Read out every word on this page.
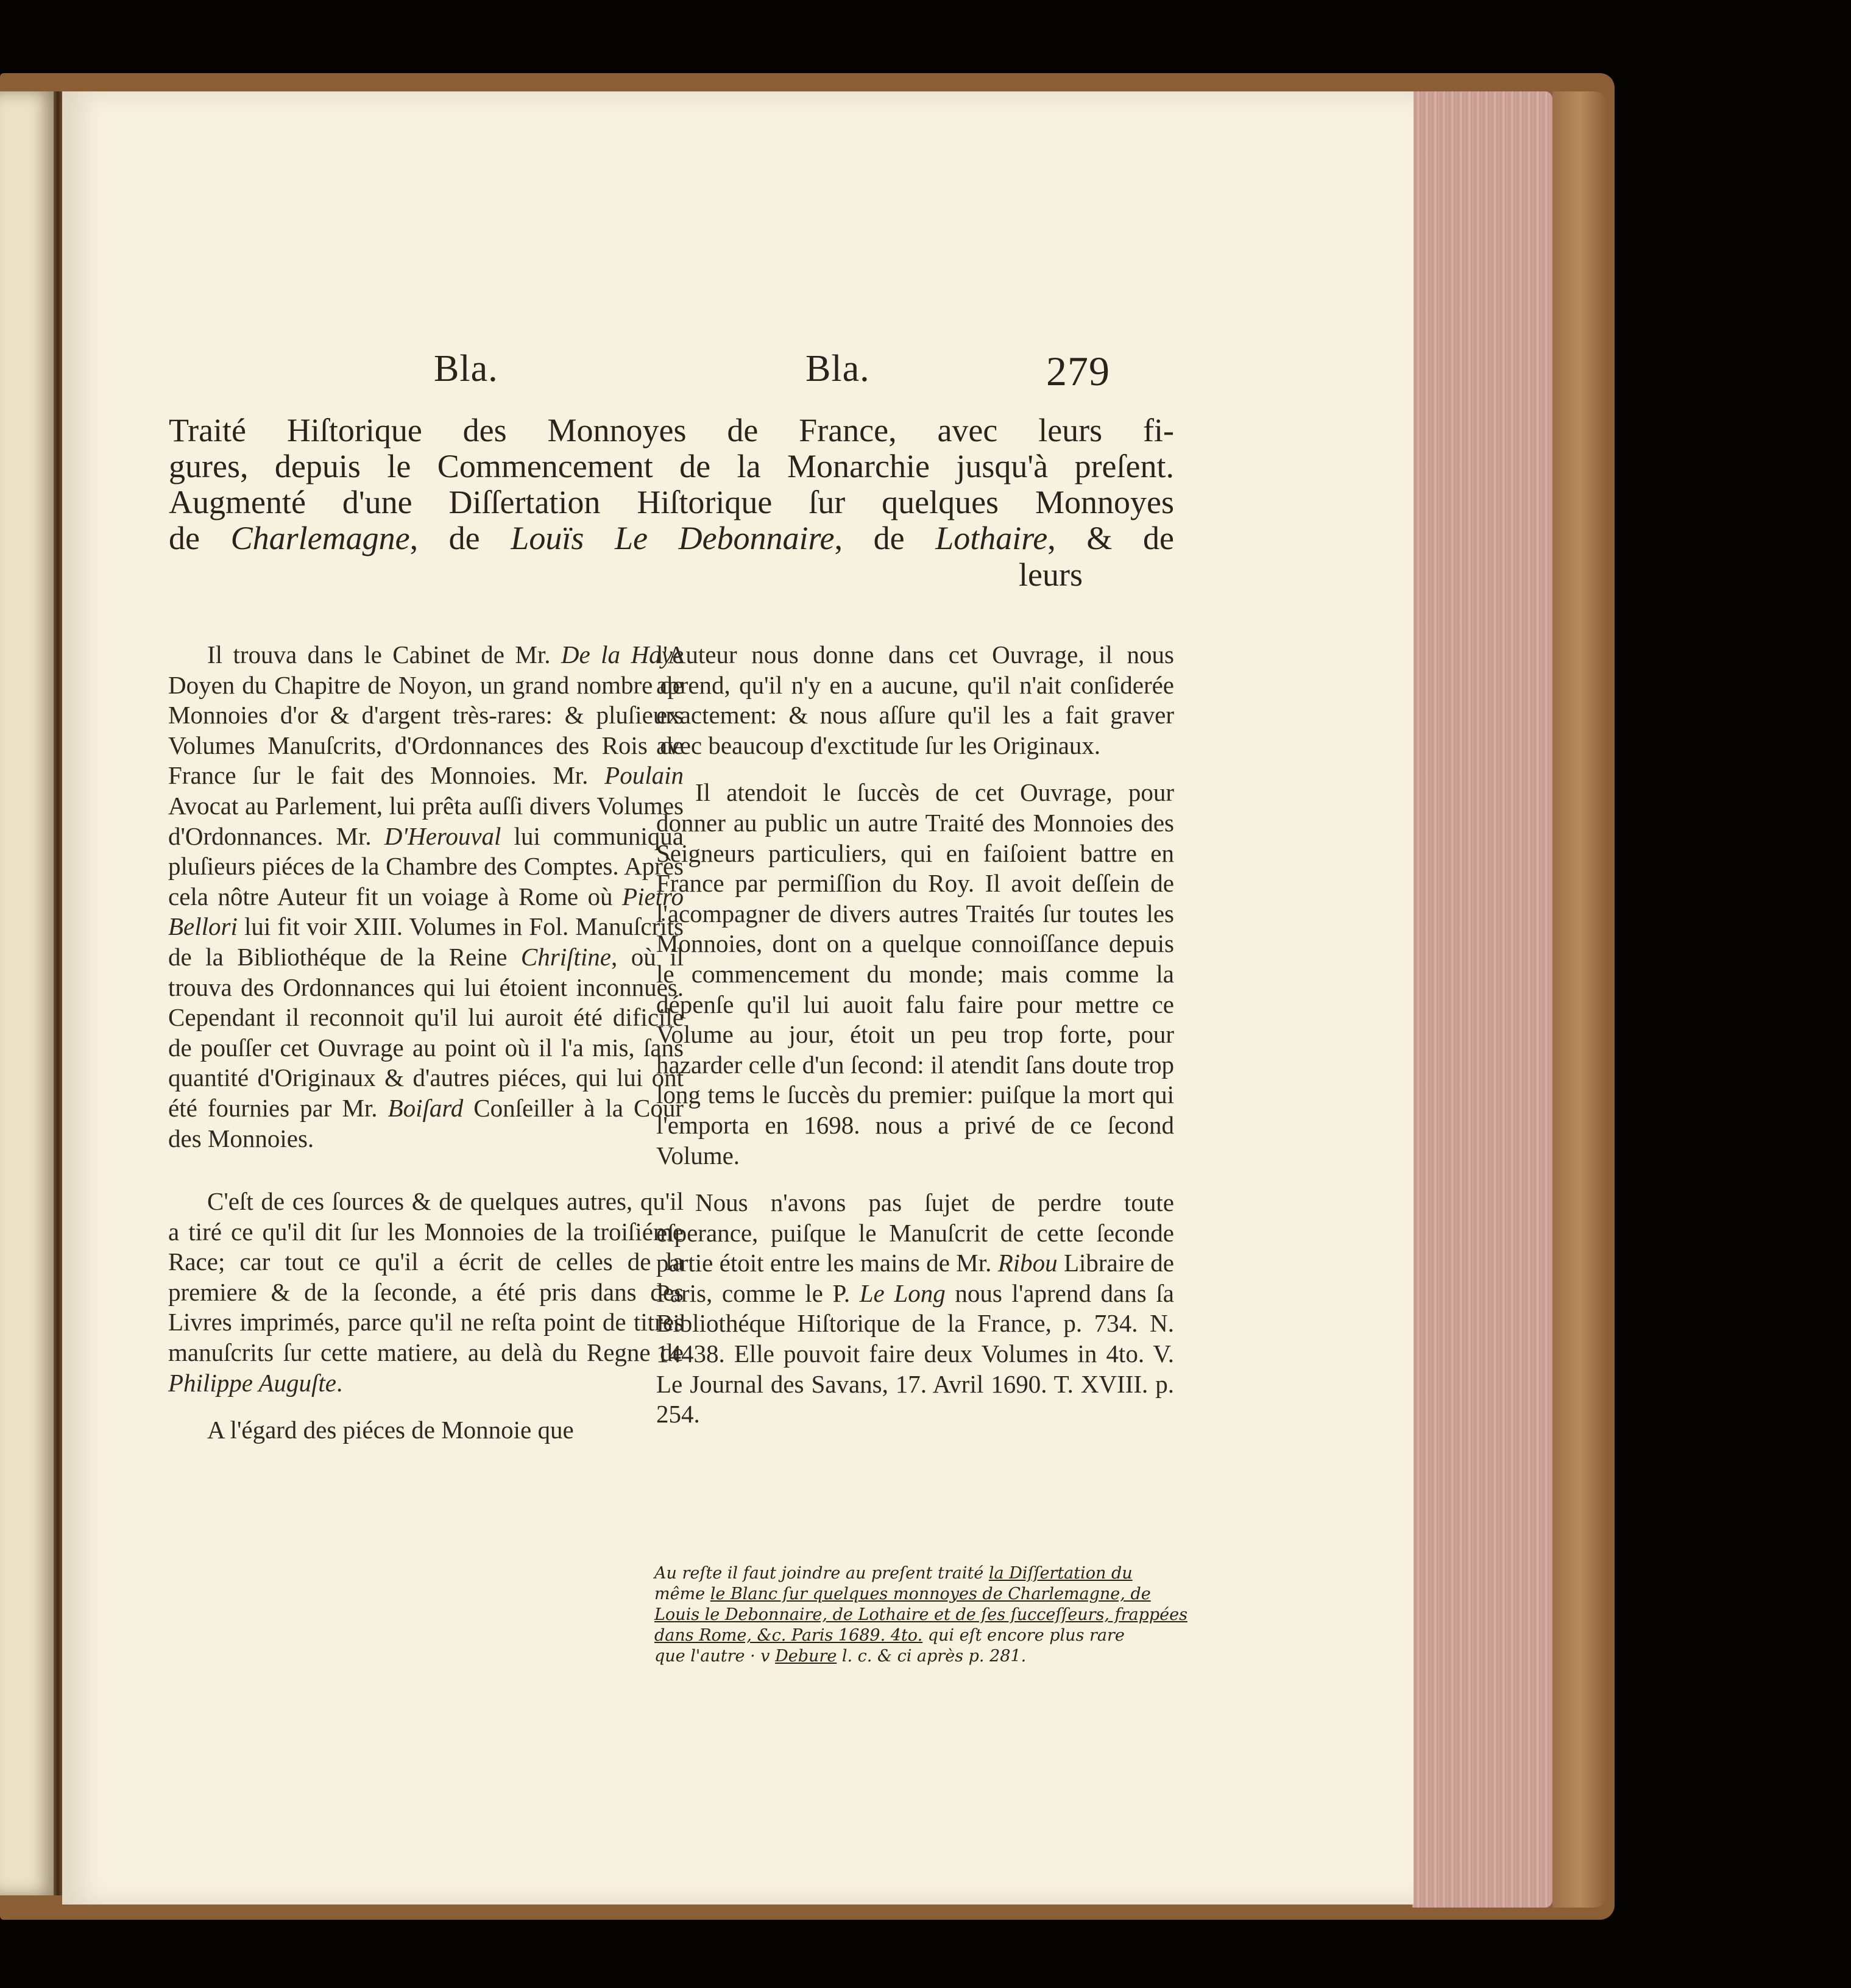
Bla.	Bla.	279
Traité Hiſtorique des Monnoyes de France, avec leurs fi-
gures, depuis le Commencement de la Monarchie jusqu'à preſent.
Augmenté d'une Diſſertation Hiſtorique ſur quelques Monnoyes
de Charlemagne, de Louïs Le Debonnaire, de Lothaire, & de
leurs

Il trouva dans le Cabinet de Mr. De la Haye Doyen du Chapitre de Noyon, un grand nombre de Monnoies d'or & d'argent très-rares: & pluſieurs Volumes Manuſcrits, d'Ordonnances des Rois de France ſur le fait des Monnoies. Mr. Poulain Avocat au Parlement, lui prêta auſſi divers Volumes d'Ordonnances. Mr. D'Herouval lui communiqua pluſieurs piéces de la Chambre des Comptes. Après cela nôtre Auteur fit un voiage à Rome où Pietro Bellori lui fit voir XIII. Volumes in Fol. Manuſcrits de la Bibliothéque de la Reine Chriſtine, où il trouva des Ordonnances qui lui étoient inconnues. Cependant il reconnoit qu'il lui auroit été dificile de pouſſer cet Ouvrage au point où il l'a mis, ſans quantité d'Originaux & d'autres piéces, qui lui ont été fournies par Mr. Boiſard Conſeiller à la Cour des Monnoies.

C'eſt de ces ſources & de quelques autres, qu'il a tiré ce qu'il dit ſur les Monnoies de la troiſiéme Race; car tout ce qu'il a écrit de celles de la premiere & de la ſeconde, a été pris dans des Livres imprimés, parce qu'il ne reſta point de titres manuſcrits ſur cette matiere, au delà du Regne de Philippe Auguſte.

A l'égard des piéces de Monnoie que

l'Auteur nous donne dans cet Ouvrage, il nous aprend, qu'il n'y en a aucune, qu'il n'ait conſiderée exactement: & nous aſſure qu'il les a fait graver avec beaucoup d'exctitude ſur les Originaux.

Il atendoit le ſuccès de cet Ouvrage, pour donner au public un autre Traité des Monnoies des Seigneurs particuliers, qui en faiſoient battre en France par permiſſion du Roy. Il avoit deſſein de l'acompagner de divers autres Traités ſur toutes les Monnoies, dont on a quelque connoiſſance depuis le commencement du monde; mais comme la dépenſe qu'il lui auoit falu faire pour mettre ce Volume au jour, étoit un peu trop forte, pour hazarder celle d'un ſecond: il atendit ſans doute trop long tems le ſuccès du premier: puiſque la mort qui l'emporta en 1698. nous a privé de ce ſecond Volume.

Nous n'avons pas ſujet de perdre toute eſperance, puiſque le Manuſcrit de cette ſeconde partie étoit entre les mains de Mr. Ribou Libraire de Paris, comme le P. Le Long nous l'aprend dans ſa Bibliothéque Hiſtorique de la France, p. 734. N. 14438. Elle pouvoit faire deux Volumes in 4to. V. Le Journal des Savans, 17. Avril 1690. T. XVIII. p. 254.

Au reſte il faut joindre au preſent traité la Diſſertation du
même le Blanc ſur quelques monnoyes de Charlemagne, de
Louis le Debonnaire, de Lothaire et de ſes ſucceſſeurs, frappées
dans Rome, &c. Paris 1689. 4to. qui eſt encore plus rare
que l'autre · v Debure l. c. & ci après p. 281.
